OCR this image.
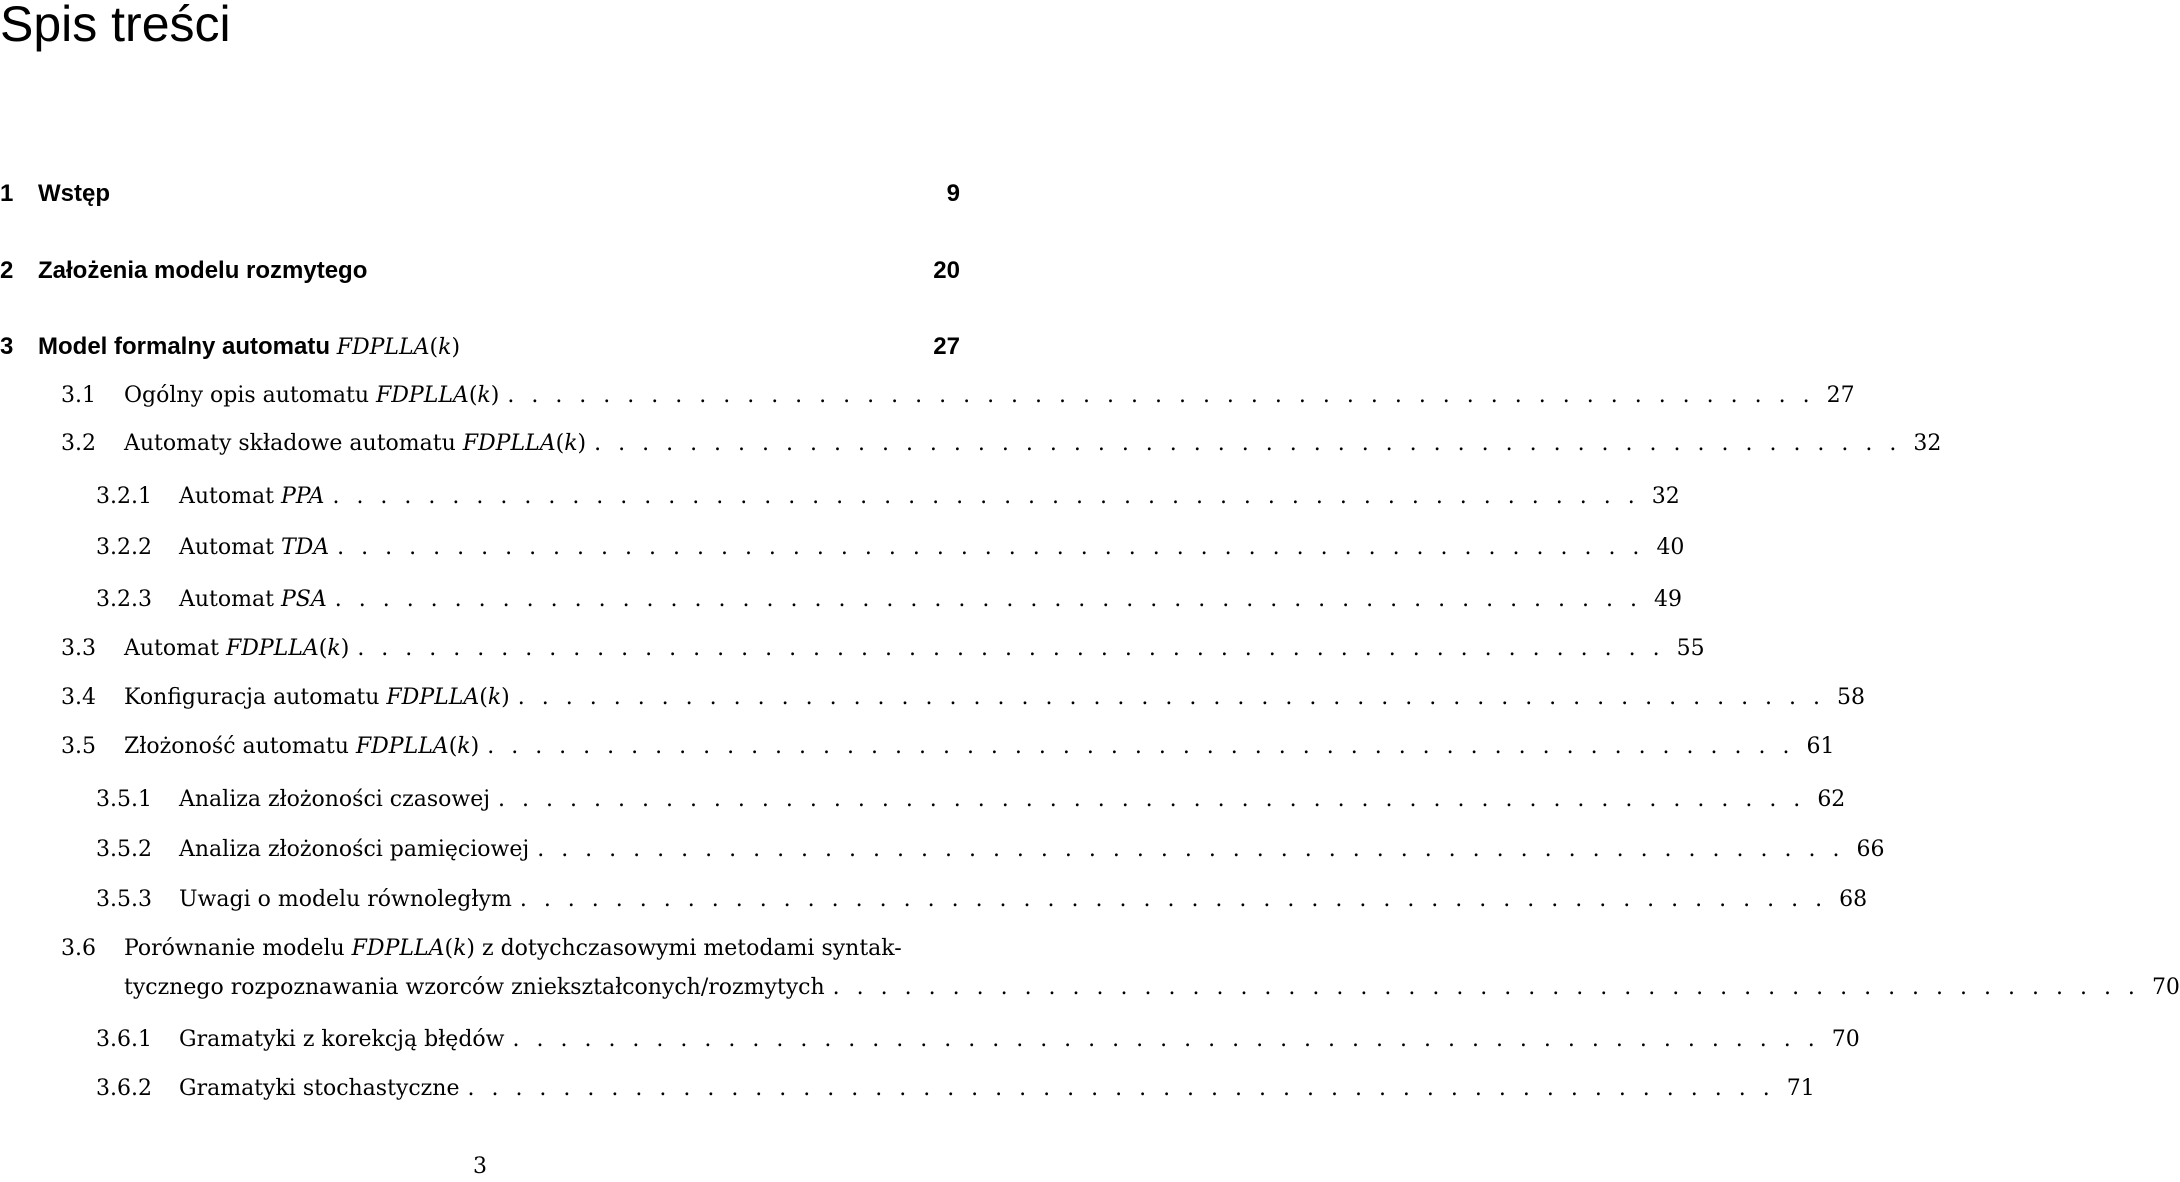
Spis treści
1	Wstęp	9
2	Założenia modelu rozmytego	20
3	Model formalny automatu FDPLLA(k)	27
3.1 Ogólny opis automatu FDPLLA(k) . . . . . . . . . . . . . . . . . . . . . . . . . . . . . . . . . . . . . . . . . . . . . . . . . . . . . . . 27
3.2 Automaty składowe automatu FDPLLA(k) . . . . . . . . . . . . . . . . . . . . . . . . . . . . . . . . . . . . . . . . . . . . . . . . . . . . . . . 32
3.2.1 Automat PPA . . . . . . . . . . . . . . . . . . . . . . . . . . . . . . . . . . . . . . . . . . . . . . . . . . . . . . . 32
3.2.2 Automat TDA . . . . . . . . . . . . . . . . . . . . . . . . . . . . . . . . . . . . . . . . . . . . . . . . . . . . . . . 40
3.2.3 Automat PSA . . . . . . . . . . . . . . . . . . . . . . . . . . . . . . . . . . . . . . . . . . . . . . . . . . . . . . . 49
3.3 Automat FDPLLA(k) . . . . . . . . . . . . . . . . . . . . . . . . . . . . . . . . . . . . . . . . . . . . . . . . . . . . . . . 55
3.4 Konfiguracja automatu FDPLLA(k) . . . . . . . . . . . . . . . . . . . . . . . . . . . . . . . . . . . . . . . . . . . . . . . . . . . . . . . 58
3.5 Złożoność automatu FDPLLA(k) . . . . . . . . . . . . . . . . . . . . . . . . . . . . . . . . . . . . . . . . . . . . . . . . . . . . . . . 61
3.5.1 Analiza złożoności czasowej . . . . . . . . . . . . . . . . . . . . . . . . . . . . . . . . . . . . . . . . . . . . . . . . . . . . . . . 62
3.5.2 Analiza złożoności pamięciowej . . . . . . . . . . . . . . . . . . . . . . . . . . . . . . . . . . . . . . . . . . . . . . . . . . . . . . . 66
3.5.3 Uwagi o modelu równoległym . . . . . . . . . . . . . . . . . . . . . . . . . . . . . . . . . . . . . . . . . . . . . . . . . . . . . . . 68
3.6 Porównanie modelu FDPLLA(k) z dotychczasowymi metodami syntak-
tycznego rozpoznawania wzorców zniekształconych/rozmytych . . . . . . . . . . . . . . . . . . . . . . . . . . . . . . . . . . . . . . . . . . . . . . . . . . . . . . . 70
3.6.1 Gramatyki z korekcją błędów . . . . . . . . . . . . . . . . . . . . . . . . . . . . . . . . . . . . . . . . . . . . . . . . . . . . . . . 70
3.6.2 Gramatyki stochastyczne . . . . . . . . . . . . . . . . . . . . . . . . . . . . . . . . . . . . . . . . . . . . . . . . . . . . . . . 71
3
